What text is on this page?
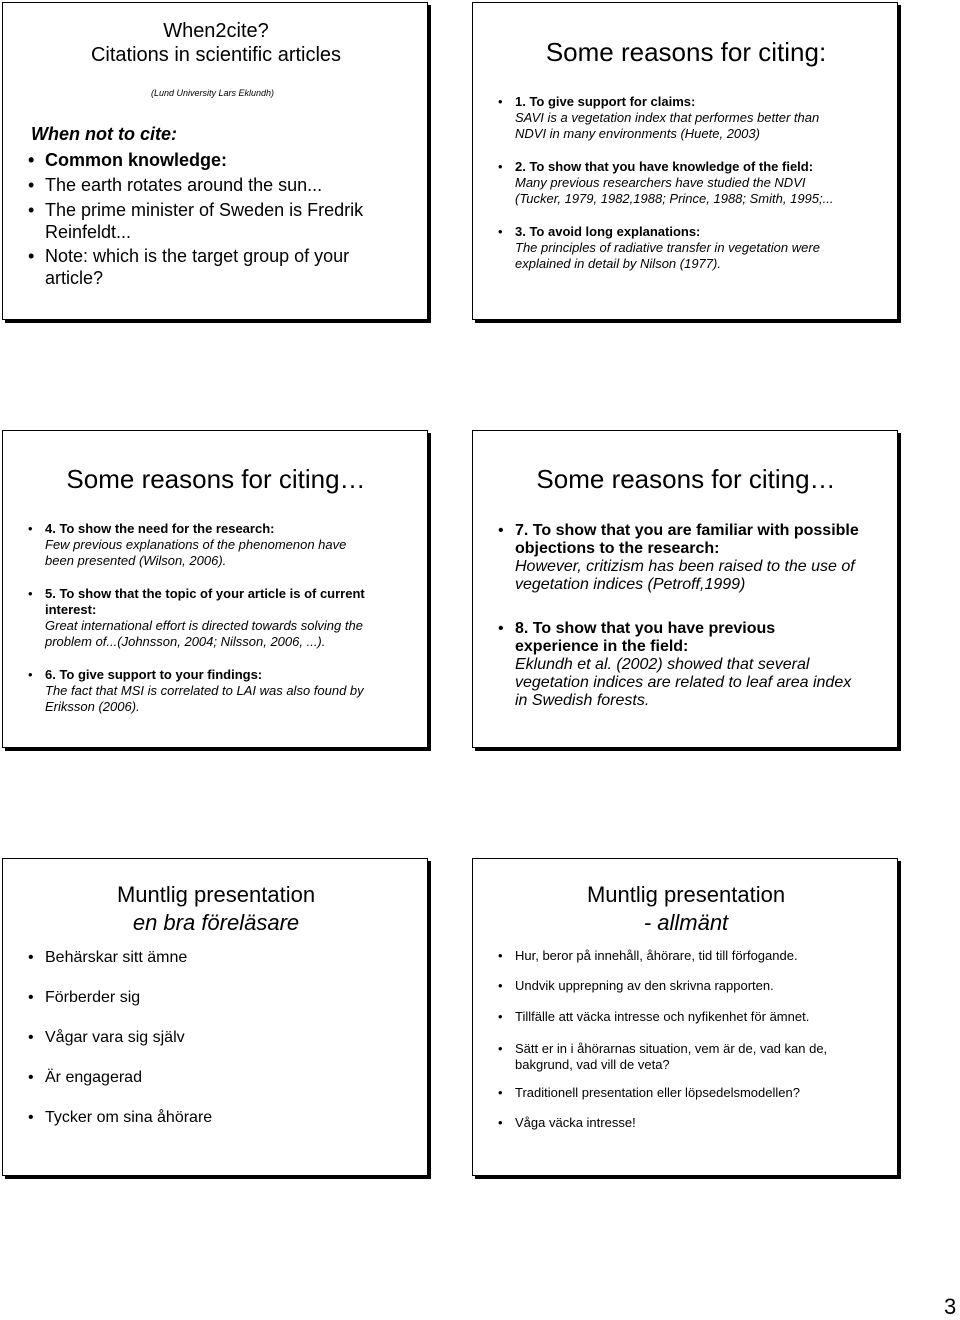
When2cite?
Citations in scientific articles
(Lund University Lars Eklundh)
When not to cite:
• Common knowledge:
• The earth rotates around the sun...
• The prime minister of Sweden is Fredrik
Reinfeldt...
• Note: which is the target group of your
article?
Some reasons for citing:
• 1. To give support for claims:
SAVI is a vegetation index that performes better than
NDVI in many environments (Huete, 2003)
• 2. To show that you have knowledge of the field:
Many previous researchers have studied the NDVI
(Tucker, 1979, 1982,1988; Prince, 1988; Smith, 1995;...
• 3. To avoid long explanations:
The principles of radiative transfer in vegetation were
explained in detail by Nilson (1977).
Some reasons for citing…
• 4. To show the need for the research:
Few previous explanations of the phenomenon have
been presented (Wilson, 2006).
• 5. To show that the topic of your article is of current
interest:
Great international effort is directed towards solving the
problem of...(Johnsson, 2004; Nilsson, 2006, ...).
• 6. To give support to your findings:
The fact that MSI is correlated to LAI was also found by
Eriksson (2006).
Some reasons for citing…
• 7. To show that you are familiar with possible
objections to the research:
However, critizism has been raised to the use of
vegetation indices (Petroff,1999)
• 8. To show that you have previous
experience in the field:
Eklundh et al. (2002) showed that several
vegetation indices are related to leaf area index
in Swedish forests.
Muntlig presentation
en bra föreläsare
• Behärskar sitt ämne
• Förberder sig
• Vågar vara sig själv
• Är engagerad
• Tycker om sina åhörare
Muntlig presentation
- allmänt
• Hur, beror på innehåll, åhörare, tid till förfogande.
• Undvik upprepning av den skrivna rapporten.
• Tillfälle att väcka intresse och nyfikenhet för ämnet.
• Sätt er in i åhörarnas situation, vem är de, vad kan de,
bakgrund, vad vill de veta?
• Traditionell presentation eller löpsedelsmodellen?
• Våga väcka intresse!
3
